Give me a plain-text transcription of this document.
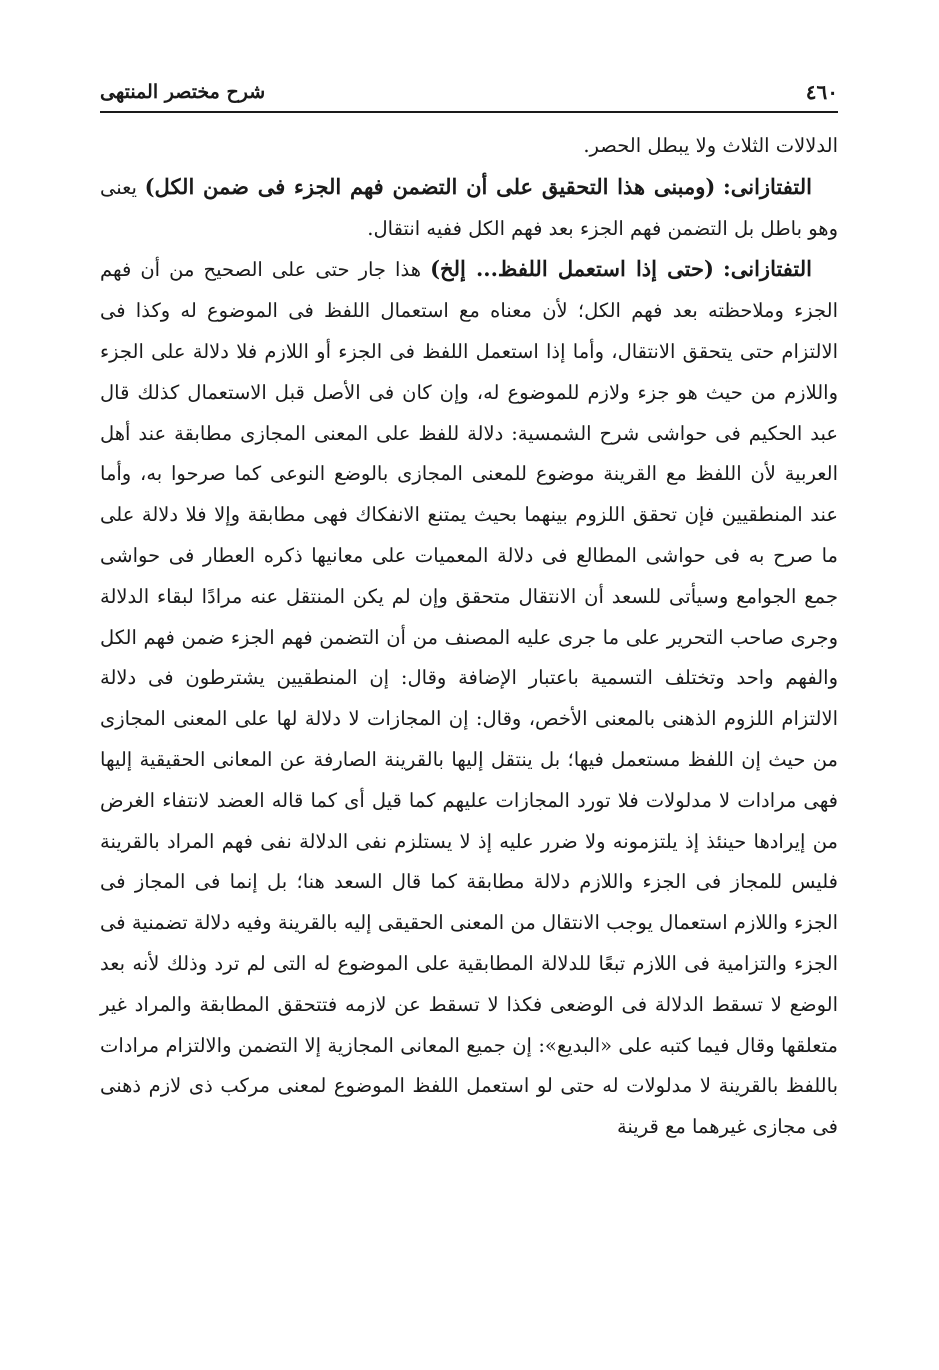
٤٦٠
شرح مختصر المنتهى

الدلالات الثلاث ولا يبطل الحصر.

التفتازانى: (ومبنى هذا التحقيق على أن التضمن فهم الجزء فى ضمن الكل) يعنى وهو باطل بل التضمن فهم الجزء بعد فهم الكل ففيه انتقال.

التفتازانى: (حتى إذا استعمل اللفظ... إلخ) هذا جار حتى على الصحيح من أن فهم الجزء وملاحظته بعد فهم الكل؛ لأن معناه مع استعمال اللفظ فى الموضوع له وكذا فى الالتزام حتى يتحقق الانتقال، وأما إذا استعمل اللفظ فى الجزء أو اللازم فلا دلالة على الجزء واللازم من حيث هو جزء ولازم للموضوع له، وإن كان فى الأصل قبل الاستعمال كذلك قال عبد الحكيم فى حواشى شرح الشمسية: دلالة للفظ على المعنى المجازى مطابقة عند أهل العربية لأن اللفظ مع القرينة موضوع للمعنى المجازى بالوضع النوعى كما صرحوا به، وأما عند المنطقيين فإن تحقق اللزوم بينهما بحيث يمتنع الانفكاك فهى مطابقة وإلا فلا دلالة على ما صرح به فى حواشى المطالع فى دلالة المعميات على معانيها ذكره العطار فى حواشى جمع الجوامع وسيأتى للسعد أن الانتقال متحقق وإن لم يكن المنتقل عنه مرادًا لبقاء الدلالة وجرى صاحب التحرير على ما جرى عليه المصنف من أن التضمن فهم الجزء ضمن فهم الكل والفهم واحد وتختلف التسمية باعتبار الإضافة وقال: إن المنطقيين يشترطون فى دلالة الالتزام اللزوم الذهنى بالمعنى الأخص، وقال: إن المجازات لا دلالة لها على المعنى المجازى من حيث إن اللفظ مستعمل فيها؛ بل ينتقل إليها بالقرينة الصارفة عن المعانى الحقيقية إليها فهى مرادات لا مدلولات فلا تورد المجازات عليهم كما قيل أى كما قاله العضد لانتفاء الغرض من إيرادها حينئذ إذ يلتزمونه ولا ضرر عليه إذ لا يستلزم نفى الدلالة نفى فهم المراد بالقرينة فليس للمجاز فى الجزء واللازم دلالة مطابقة كما قال السعد هنا؛ بل إنما فى المجاز فى الجزء واللازم استعمال يوجب الانتقال من المعنى الحقيقى إليه بالقرينة وفيه دلالة تضمنية فى الجزء والتزامية فى اللازم تبعًا للدلالة المطابقية على الموضوع له التى لم ترد وذلك لأنه بعد الوضع لا تسقط الدلالة فى الوضعى فكذا لا تسقط عن لازمه فتتحقق المطابقة والمراد غير متعلقها وقال فيما كتبه على «البديع»: إن جميع المعانى المجازية إلا التضمن والالتزام مرادات باللفظ بالقرينة لا مدلولات له حتى لو استعمل اللفظ الموضوع لمعنى مركب ذى لازم ذهنى فى مجازى غيرهما مع قرينة
